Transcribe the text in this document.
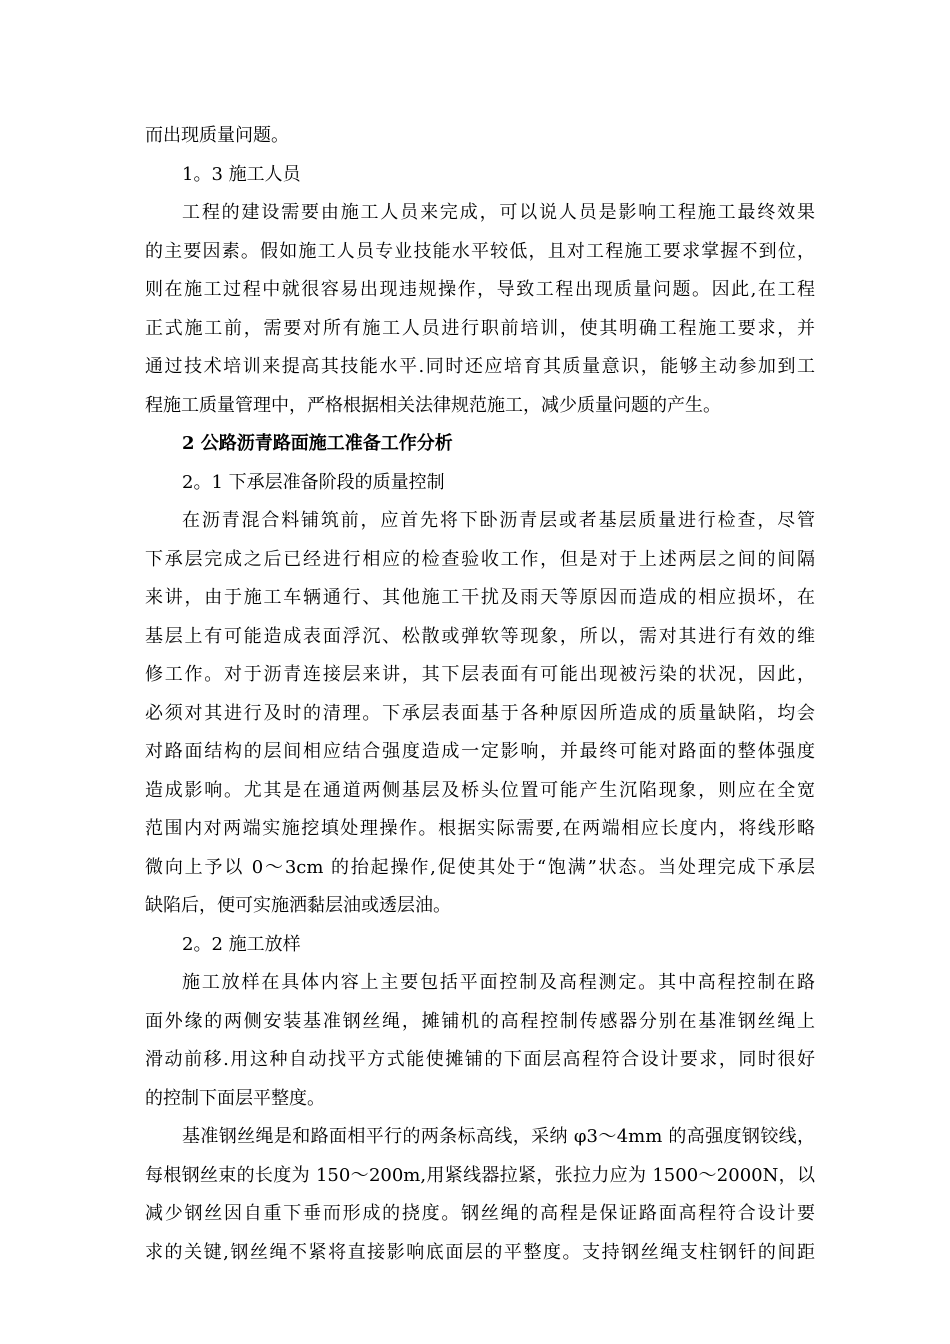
而出现质量问题。
1。3 施工人员
工程的建设需要由施工人员来完成，可以说人员是影响工程施工最终效果
的主要因素。假如施工人员专业技能水平较低，且对工程施工要求掌握不到位，
则在施工过程中就很容易出现违规操作，导致工程出现质量问题。因此,在工程
正式施工前，需要对所有施工人员进行职前培训，使其明确工程施工要求，并
通过技术培训来提高其技能水平.同时还应培育其质量意识，能够主动参加到工
程施工质量管理中，严格根据相关法律规范施工，减少质量问题的产生。
2 公路沥青路面施工准备工作分析
2。1 下承层准备阶段的质量控制
在沥青混合料铺筑前，应首先将下卧沥青层或者基层质量进行检查，尽管
下承层完成之后已经进行相应的检查验收工作，但是对于上述两层之间的间隔
来讲，由于施工车辆通行、其他施工干扰及雨天等原因而造成的相应损坏，在
基层上有可能造成表面浮沉、松散或弹软等现象，所以，需对其进行有效的维
修工作。对于沥青连接层来讲，其下层表面有可能出现被污染的状况，因此，
必须对其进行及时的清理。下承层表面基于各种原因所造成的质量缺陷，均会
对路面结构的层间相应结合强度造成一定影响，并最终可能对路面的整体强度
造成影响。尤其是在通道两侧基层及桥头位置可能产生沉陷现象，则应在全宽
范围内对两端实施挖填处理操作。根据实际需要,在两端相应长度内，将线形略
微向上予以 0～3cm 的抬起操作,促使其处于“饱满”状态。当处理完成下承层
缺陷后，便可实施洒黏层油或透层油。
2。2 施工放样
施工放样在具体内容上主要包括平面控制及高程测定。其中高程控制在路
面外缘的两侧安装基准钢丝绳，摊铺机的高程控制传感器分别在基准钢丝绳上
滑动前移.用这种自动找平方式能使摊铺的下面层高程符合设计要求，同时很好
的控制下面层平整度。
基准钢丝绳是和路面相平行的两条标高线，采纳 φ3～4mm 的高强度钢铰线，
每根钢丝束的长度为 150～200m,用紧线器拉紧，张拉力应为 1500～2000N，以
减少钢丝因自重下垂而形成的挠度。钢丝绳的高程是保证路面高程符合设计要
求的关键,钢丝绳不紧将直接影响底面层的平整度。支持钢丝绳支柱钢钎的间距
